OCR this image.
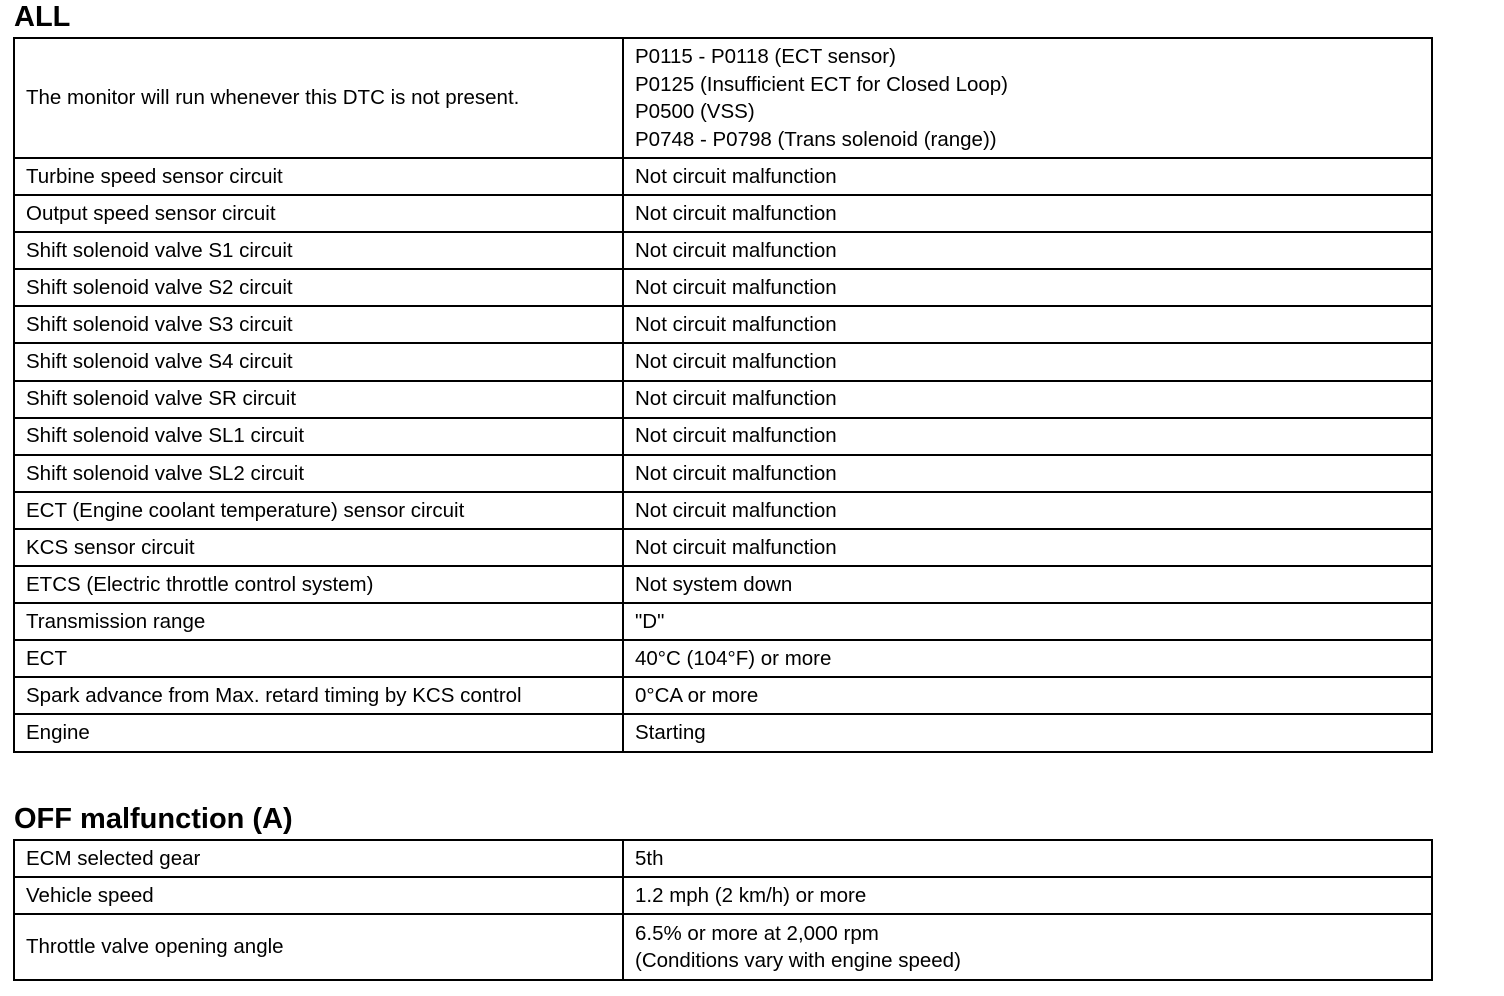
ALL
The monitor will run whenever this DTC is not present.	P0115 - P0118 (ECT sensor)
P0125 (Insufficient ECT for Closed Loop)
P0500 (VSS)
P0748 - P0798 (Trans solenoid (range))

Turbine speed sensor circuit	Not circuit malfunction
Output speed sensor circuit	Not circuit malfunction
Shift solenoid valve S1 circuit	Not circuit malfunction
Shift solenoid valve S2 circuit	Not circuit malfunction
Shift solenoid valve S3 circuit	Not circuit malfunction
Shift solenoid valve S4 circuit	Not circuit malfunction
Shift solenoid valve SR circuit	Not circuit malfunction
Shift solenoid valve SL1 circuit	Not circuit malfunction
Shift solenoid valve SL2 circuit	Not circuit malfunction
ECT (Engine coolant temperature) sensor circuit	Not circuit malfunction
KCS sensor circuit	Not circuit malfunction
ETCS (Electric throttle control system)	Not system down
Transmission range	"D"
ECT	40°C (104°F) or more
Spark advance from Max. retard timing by KCS control	0°CA or more
Engine	Starting
OFF malfunction (A)
ECM selected gear	5th
Vehicle speed	1.2 mph (2 km/h) or more
Throttle valve opening angle	6.5% or more at 2,000 rpm
(Conditions vary with engine speed)
